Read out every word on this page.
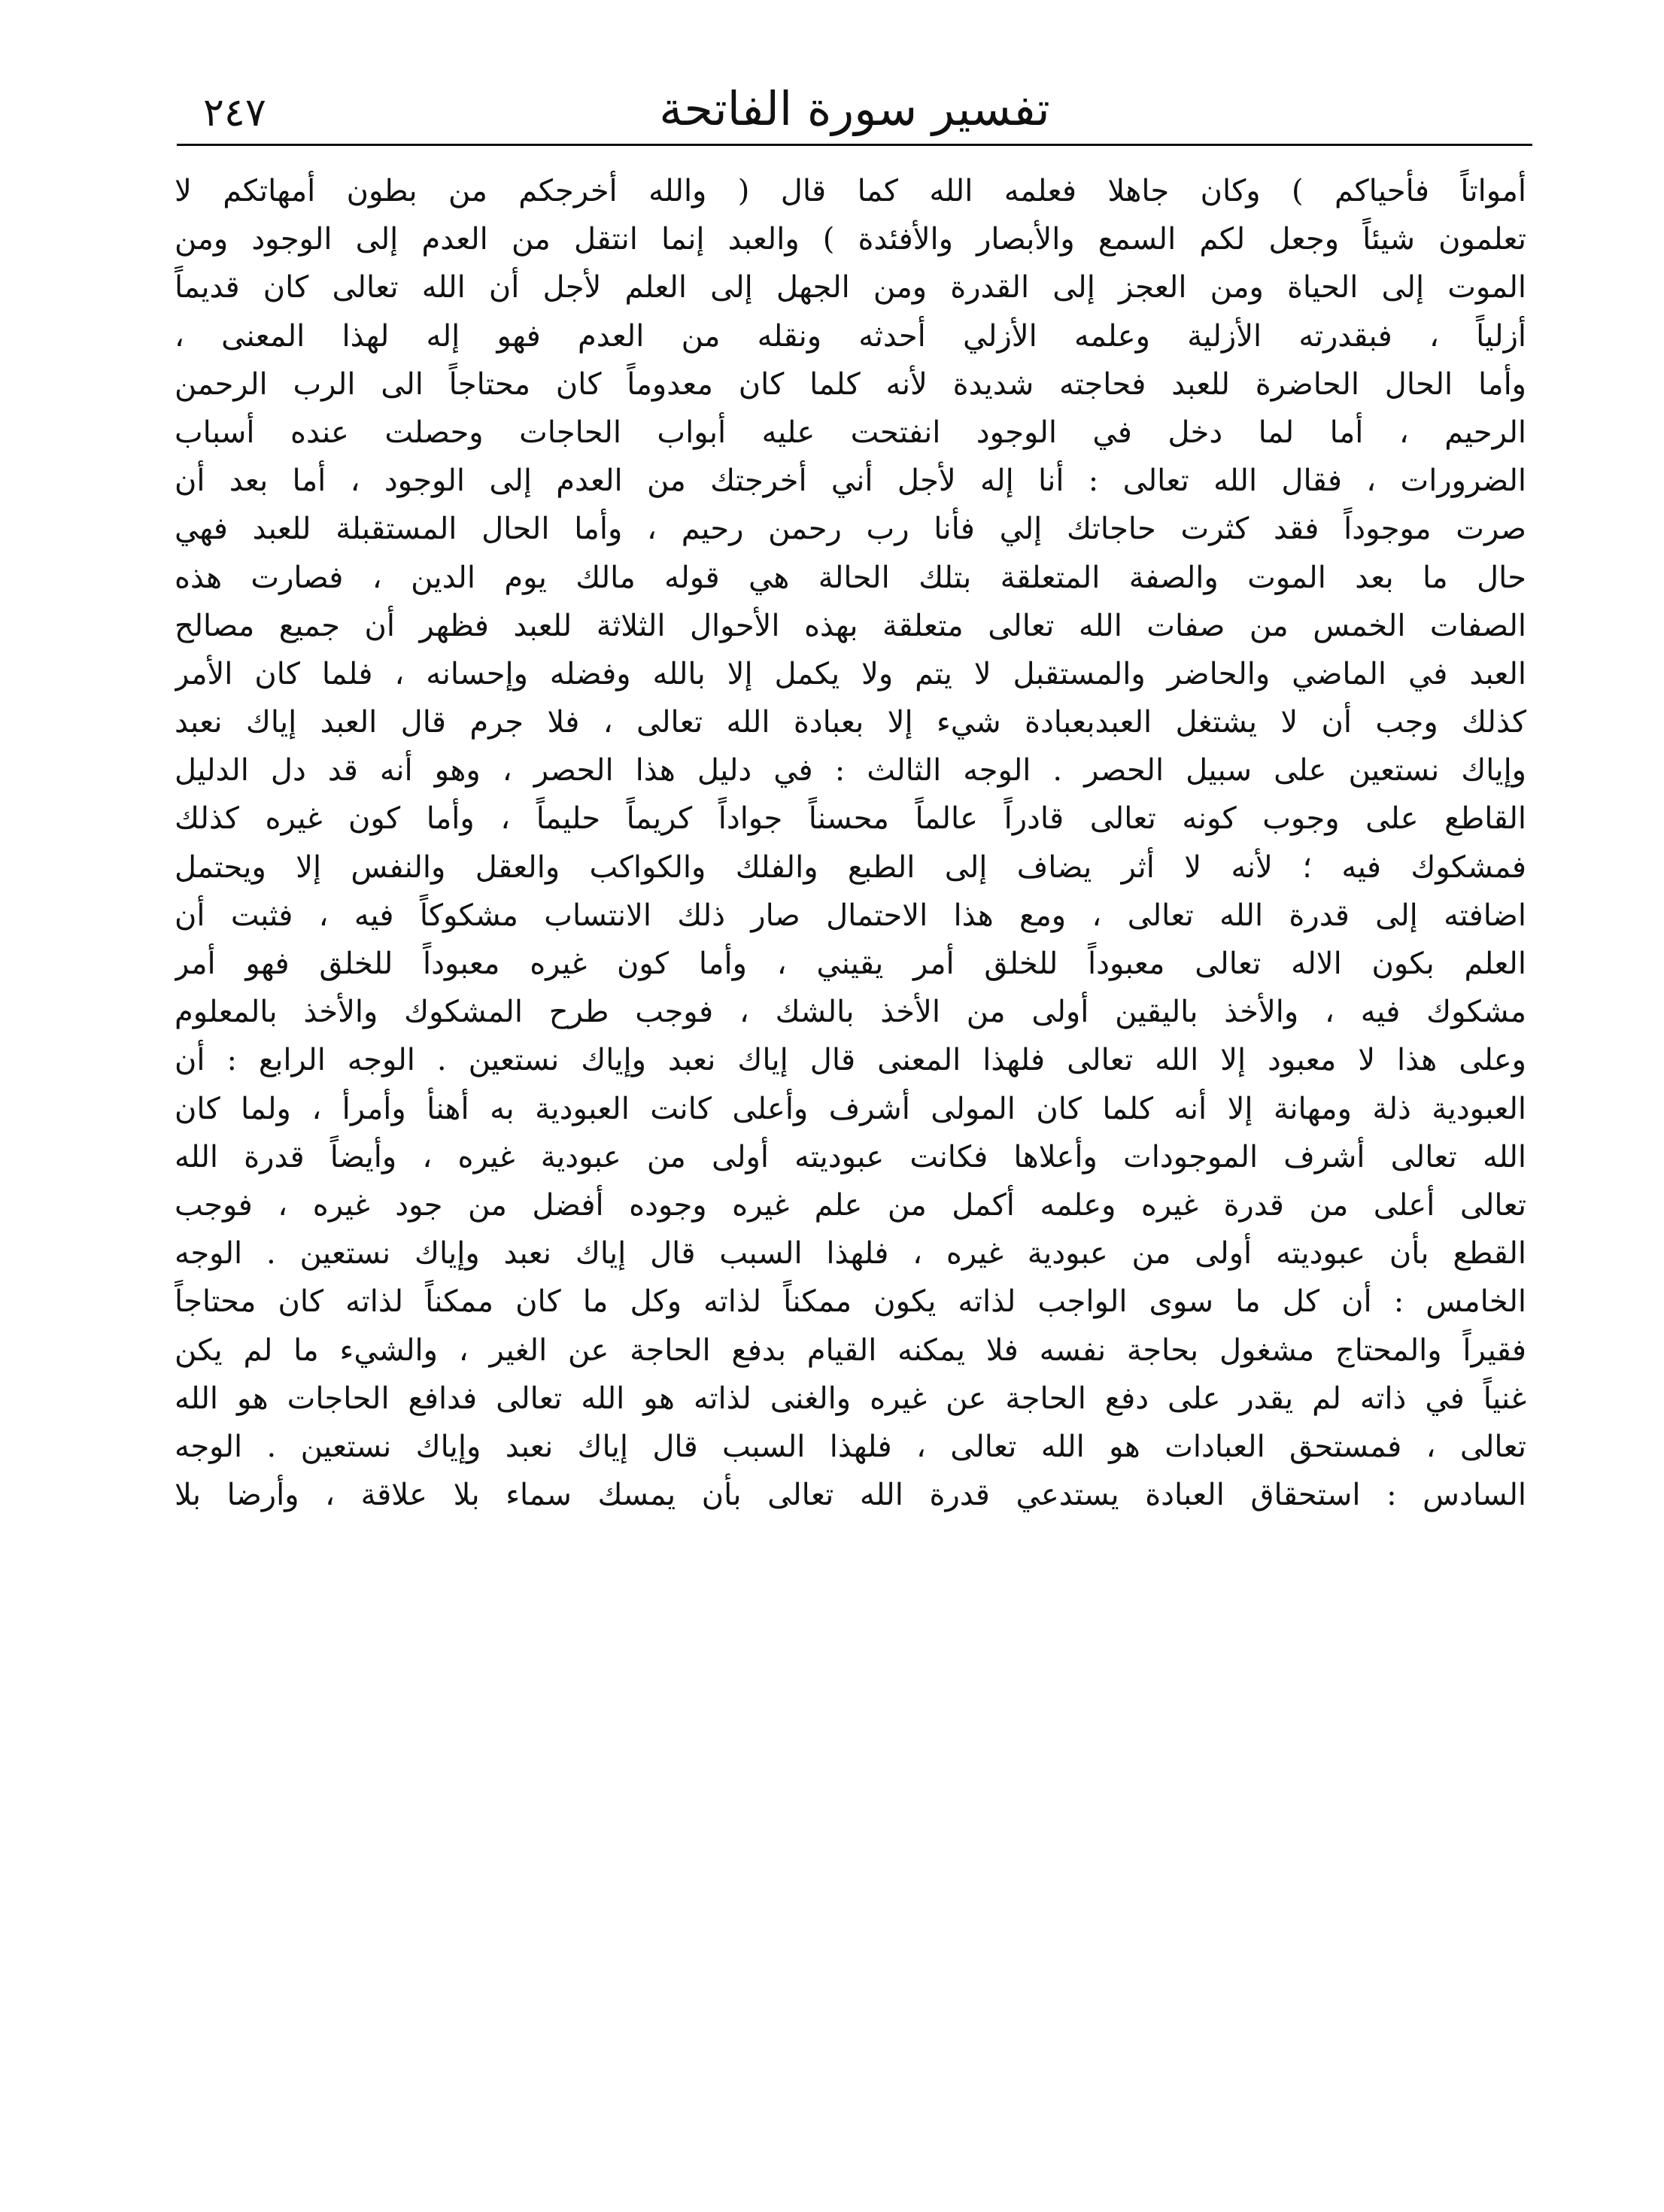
تفسير سورة الفاتحة
٢٤٧
أمواتاً فأحياكم ) وكان جاهلا فعلمه الله كما قال ( والله أخرجكم من بطون أمهاتكم لا
تعلمون شيئاً وجعل لكم السمع والأبصار والأفئدة ) والعبد إنما انتقل من العدم إلى الوجود ومن
الموت إلى الحياة ومن العجز إلى القدرة ومن الجهل إلى العلم لأجل أن الله تعالى كان قديماً
أزلياً ، فبقدرته الأزلية وعلمه الأزلي أحدثه ونقله من العدم فهو إله لهذا المعنى ،
وأما الحال الحاضرة للعبد فحاجته شديدة لأنه كلما كان معدوماً كان محتاجاً الى الرب الرحمن
الرحيم ، أما لما دخل في الوجود انفتحت عليه أبواب الحاجات وحصلت عنده أسباب
الضرورات ، فقال الله تعالى : أنا إله لأجل أني أخرجتك من العدم إلى الوجود ، أما بعد أن
صرت موجوداً فقد كثرت حاجاتك إلي فأنا رب رحمن رحيم ، وأما الحال المستقبلة للعبد فهي
حال ما بعد الموت والصفة المتعلقة بتلك الحالة هي قوله مالك يوم الدين ، فصارت هذه
الصفات الخمس من صفات الله تعالى متعلقة بهذه الأحوال الثلاثة للعبد فظهر أن جميع مصالح
العبد في الماضي والحاضر والمستقبل لا يتم ولا يكمل إلا بالله وفضله وإحسانه ، فلما كان الأمر
كذلك وجب أن لا يشتغل العبدبعبادة شيء إلا بعبادة الله تعالى ، فلا جرم قال العبد إياك نعبد
وإياك نستعين على سبيل الحصر . الوجه الثالث : في دليل هذا الحصر ، وهو أنه قد دل الدليل
القاطع على وجوب كونه تعالى قادراً عالماً محسناً جواداً كريماً حليماً ، وأما كون غيره كذلك
فمشكوك فيه ؛ لأنه لا أثر يضاف إلى الطبع والفلك والكواكب والعقل والنفس إلا ويحتمل
اضافته إلى قدرة الله تعالى ، ومع هذا الاحتمال صار ذلك الانتساب مشكوكاً فيه ، فثبت أن
العلم بكون الاله تعالى معبوداً للخلق أمر يقيني ، وأما كون غيره معبوداً للخلق فهو أمر
مشكوك فيه ، والأخذ باليقين أولى من الأخذ بالشك ، فوجب طرح المشكوك والأخذ بالمعلوم
وعلى هذا لا معبود إلا الله تعالى فلهذا المعنى قال إياك نعبد وإياك نستعين . الوجه الرابع : أن
العبودية ذلة ومهانة إلا أنه كلما كان المولى أشرف وأعلى كانت العبودية به أهنأ وأمرأ ، ولما كان
الله تعالى أشرف الموجودات وأعلاها فكانت عبوديته أولى من عبودية غيره ، وأيضاً قدرة الله
تعالى أعلى من قدرة غيره وعلمه أكمل من علم غيره وجوده أفضل من جود غيره ، فوجب
القطع بأن عبوديته أولى من عبودية غيره ، فلهذا السبب قال إياك نعبد وإياك نستعين . الوجه
الخامس : أن كل ما سوى الواجب لذاته يكون ممكناً لذاته وكل ما كان ممكناً لذاته كان محتاجاً
فقيراً والمحتاج مشغول بحاجة نفسه فلا يمكنه القيام بدفع الحاجة عن الغير ، والشيء ما لم يكن
غنياً في ذاته لم يقدر على دفع الحاجة عن غيره والغنى لذاته هو الله تعالى فدافع الحاجات هو الله
تعالى ، فمستحق العبادات هو الله تعالى ، فلهذا السبب قال إياك نعبد وإياك نستعين . الوجه
السادس : استحقاق العبادة يستدعي قدرة الله تعالى بأن يمسك سماء بلا علاقة ، وأرضا بلا
